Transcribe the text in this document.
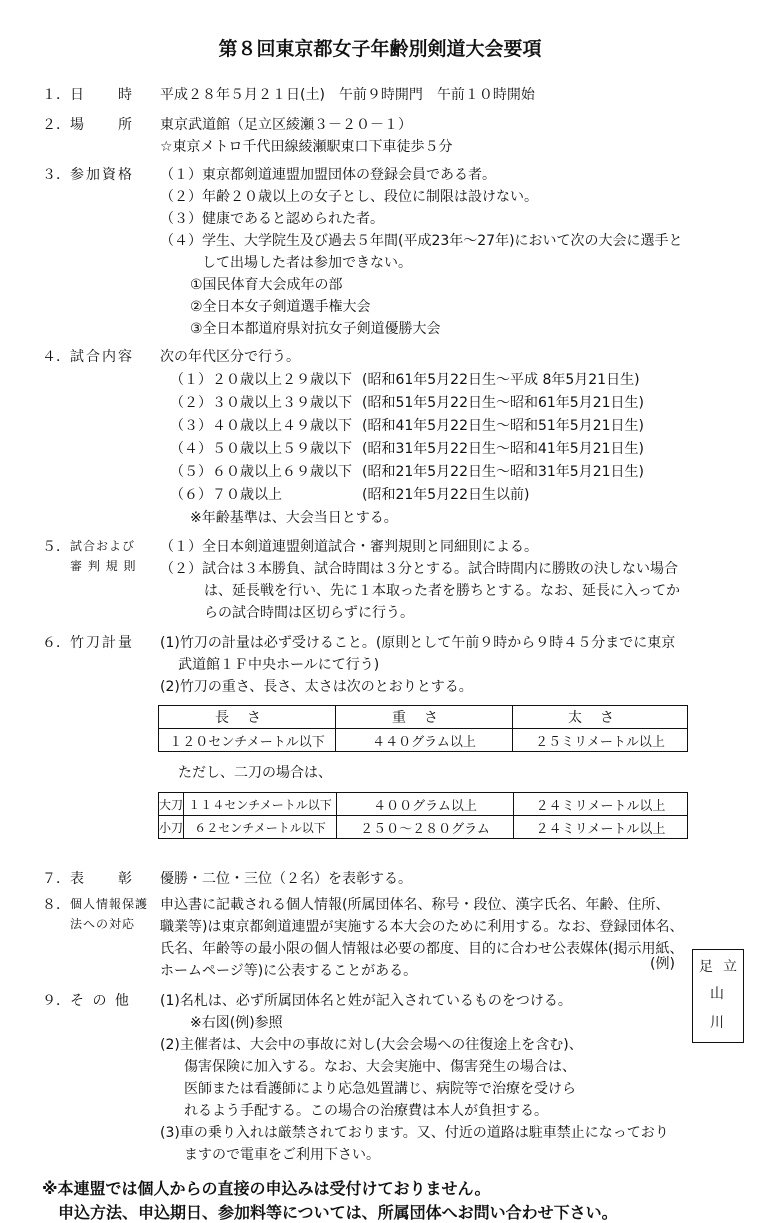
第８回東京都女子年齢別剣道大会要項
１． 日　　時 平成２８年５月２１日(土)　午前９時開門　午前１０時開始
２． 場　　所 東京武道館（足立区綾瀬３－２０－１）
☆東京メトロ千代田線綾瀬駅東口下車徒歩５分
３． 参加資格 （１）東京都剣道連盟加盟団体の登録会員である者。
（２）年齢２０歳以上の女子とし、段位に制限は設けない。
（３）健康であると認められた者。
（４）学生、大学院生及び過去５年間(平成23年～27年)において次の大会に選手と
して出場した者は参加できない。
①国民体育大会成年の部
②全日本女子剣道選手権大会
③全日本都道府県対抗女子剣道優勝大会
４． 試合内容 次の年代区分で行う。
（１）２０歳以上２９歳以下 (昭和61年5月22日生～平成 8年5月21日生)
（２）３０歳以上３９歳以下 (昭和51年5月22日生～昭和61年5月21日生)
（３）４０歳以上４９歳以下 (昭和41年5月22日生～昭和51年5月21日生)
（４）５０歳以上５９歳以下 (昭和31年5月22日生～昭和41年5月21日生)
（５）６０歳以上６９歳以下 (昭和21年5月22日生～昭和31年5月21日生)
（６）７０歳以上	(昭和21年5月22日生以前)
※年齢基準は、大会当日とする。
５． 試合および
審 判 規 則
（１）全日本剣道連盟剣道試合・審判規則と同細則による。
（２）試合は３本勝負、試合時間は３分とする。試合時間内に勝敗の決しない場合
は、延長戦を行い、先に１本取った者を勝ちとする。なお、延長に入ってか
らの試合時間は区切らずに行う。
６． 竹刀計量 (1)竹刀の計量は必ず受けること。(原則として午前９時から９時４５分までに東京
武道館１Ｆ中央ホールにて行う)
(2)竹刀の重さ、長さ、太さは次のとおりとする。
長さ	重さ	太さ
１２０センチメートル以下	４４０グラム以上	２５ミリメートル以上
ただし、二刀の場合は、
大刀	１１４センチメートル以下	４００グラム以上	２４ミリメートル以上
小刀	６２センチメートル以下	２５０～２８０グラム	２４ミリメートル以上
７． 表　　彰 優勝・二位・三位（２名）を表彰する。
８． 個人情報保護
法への対応
申込書に記載される個人情報(所属団体名、称号・段位、漢字氏名、年齢、住所、
職業等)は東京都剣道連盟が実施する本大会のために利用する。なお、登録団体名、
氏名、年齢等の最小限の個人情報は必要の都度、目的に合わせ公表媒体(掲示用紙、
ホームページ等)に公表することがある。
９． そ の 他 (1)名札は、必ず所属団体名と姓が記入されているものをつける。
※右図(例)参照
(2)主催者は、大会中の事故に対し(大会会場への往復途上を含む)、
傷害保険に加入する。なお、大会実施中、傷害発生の場合は、
医師または看護師により応急処置講じ、病院等で治療を受けら
れるよう手配する。この場合の治療費は本人が負担する。
(3)車の乗り入れは厳禁されております。又、付近の道路は駐車禁止になっており
ますので電車をご利用下さい。
(例)	立
足
山
川
※本連盟では個人からの直接の申込みは受付けておりません。
申込方法、申込期日、参加料等については、所属団体へお問い合わせ下さい。
